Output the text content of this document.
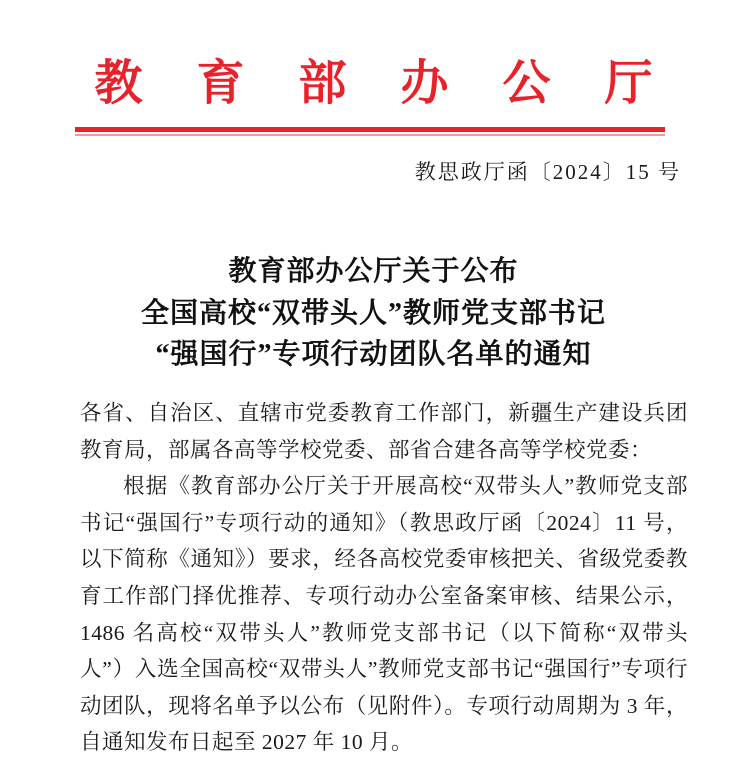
教育部办公厅
教思政厅函〔2024〕15 号
教育部办公厅关于公布
全国高校“双带头人”教师党支部书记
“强国行”专项行动团队名单的通知

各省、自治区、直辖市党委教育工作部门，新疆生产建设兵团教育局，部属各高等学校党委、部省合建各高等学校党委：

根据《教育部办公厅关于开展高校“双带头人”教师党支部书记“强国行”专项行动的通知》（教思政厅函〔2024〕11 号，以下简称《通知》）要求，经各高校党委审核把关、省级党委教育工作部门择优推荐、专项行动办公室备案审核、结果公示，1486 名高校“双带头人”教师党支部书记（以下简称“双带头人”）入选全国高校“双带头人”教师党支部书记“强国行”专项行动团队，现将名单予以公布（见附件）。专项行动周期为 3 年，自通知发布日起至 2027 年 10 月。
